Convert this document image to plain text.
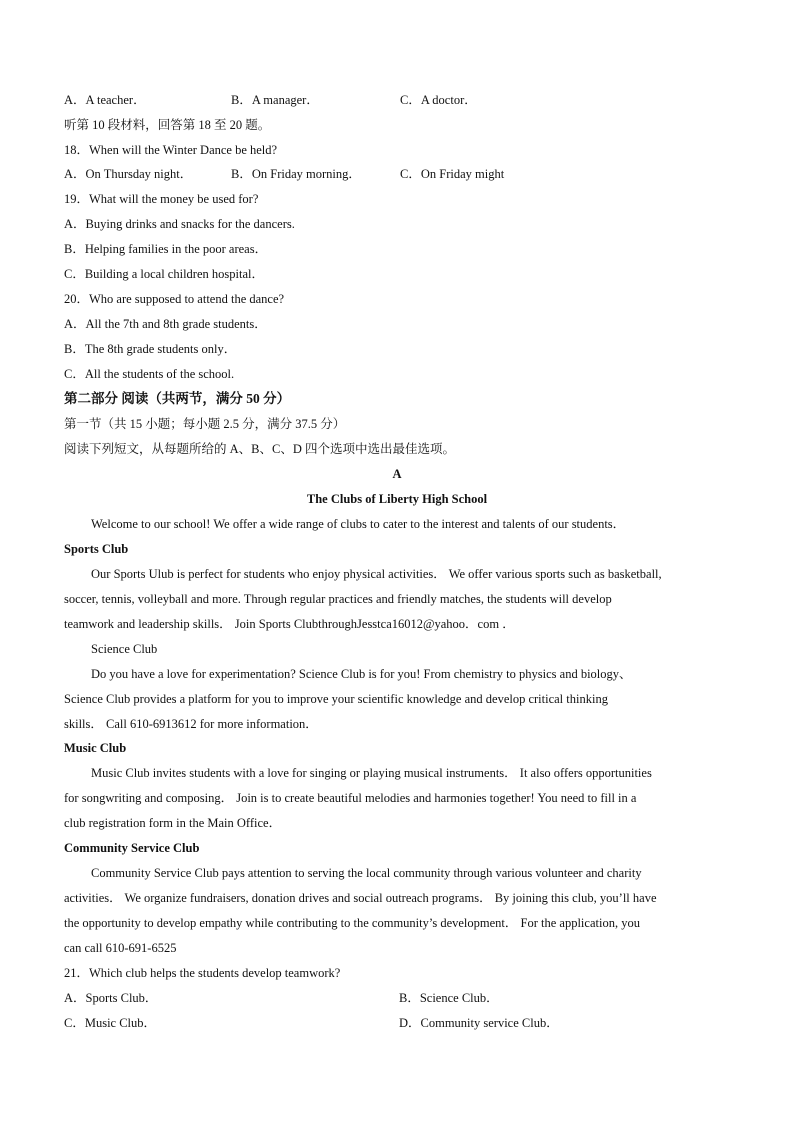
A．A teacher．	B．A manager．	C．A doctor．
听第 10 段材料，回答第 18 至 20 题。
18．When will the Winter Dance be held?
A．On Thursday night．	B．On Friday morning．	C．On Friday might
19．What will the money be used for?
A．Buying drinks and snacks for the dancers.
B．Helping families in the poor areas．
C．Building a local children hospital．
20．Who are supposed to attend the dance?
A．All the 7th and 8th grade students．
B．The 8th grade students only．
C．All the students of the school.
第二部分 阅读（共两节，满分 50 分）
第一节（共 15 小题；每小题 2.5 分，满分 37.5 分）
阅读下列短文，从每题所给的 A、B、C、D 四个选项中选出最佳选项。
A
The Clubs of Liberty High School
Welcome to our school! We offer a wide range of clubs to cater to the interest and talents of our students．
Sports Club
Our Sports Ulub is perfect for students who enjoy physical activities． We offer various sports such as basketball,
soccer, tennis, volleyball and more. Through regular practices and friendly matches, the students will develop
teamwork and leadership skills． Join Sports ClubthroughJesstca16012@yahoo．com ．
Science Club
Do you have a love for experimentation? Science Club is for you! From chemistry to physics and biology、
Science Club provides a platform for you to improve your scientific knowledge and develop critical thinking
skills． Call 610-6913612 for more information．
Music Club
Music Club invites students with a love for singing or playing musical instruments． It also offers opportunities
for songwriting and composing． Join is to create beautiful melodies and harmonies together! You need to fill in a
club registration form in the Main Office．
Community Service Club
Community Service Club pays attention to serving the local community through various volunteer and charity
activities． We organize fundraisers, donation drives and social outreach programs． By joining this club, you’ll have
the opportunity to develop empathy while contributing to the community’s development． For the application, you
can call 610-691-6525
21．Which club helps the students develop teamwork?
A．Sports Club．	B．Science Club．
C．Music Club．	D．Community service Club．
